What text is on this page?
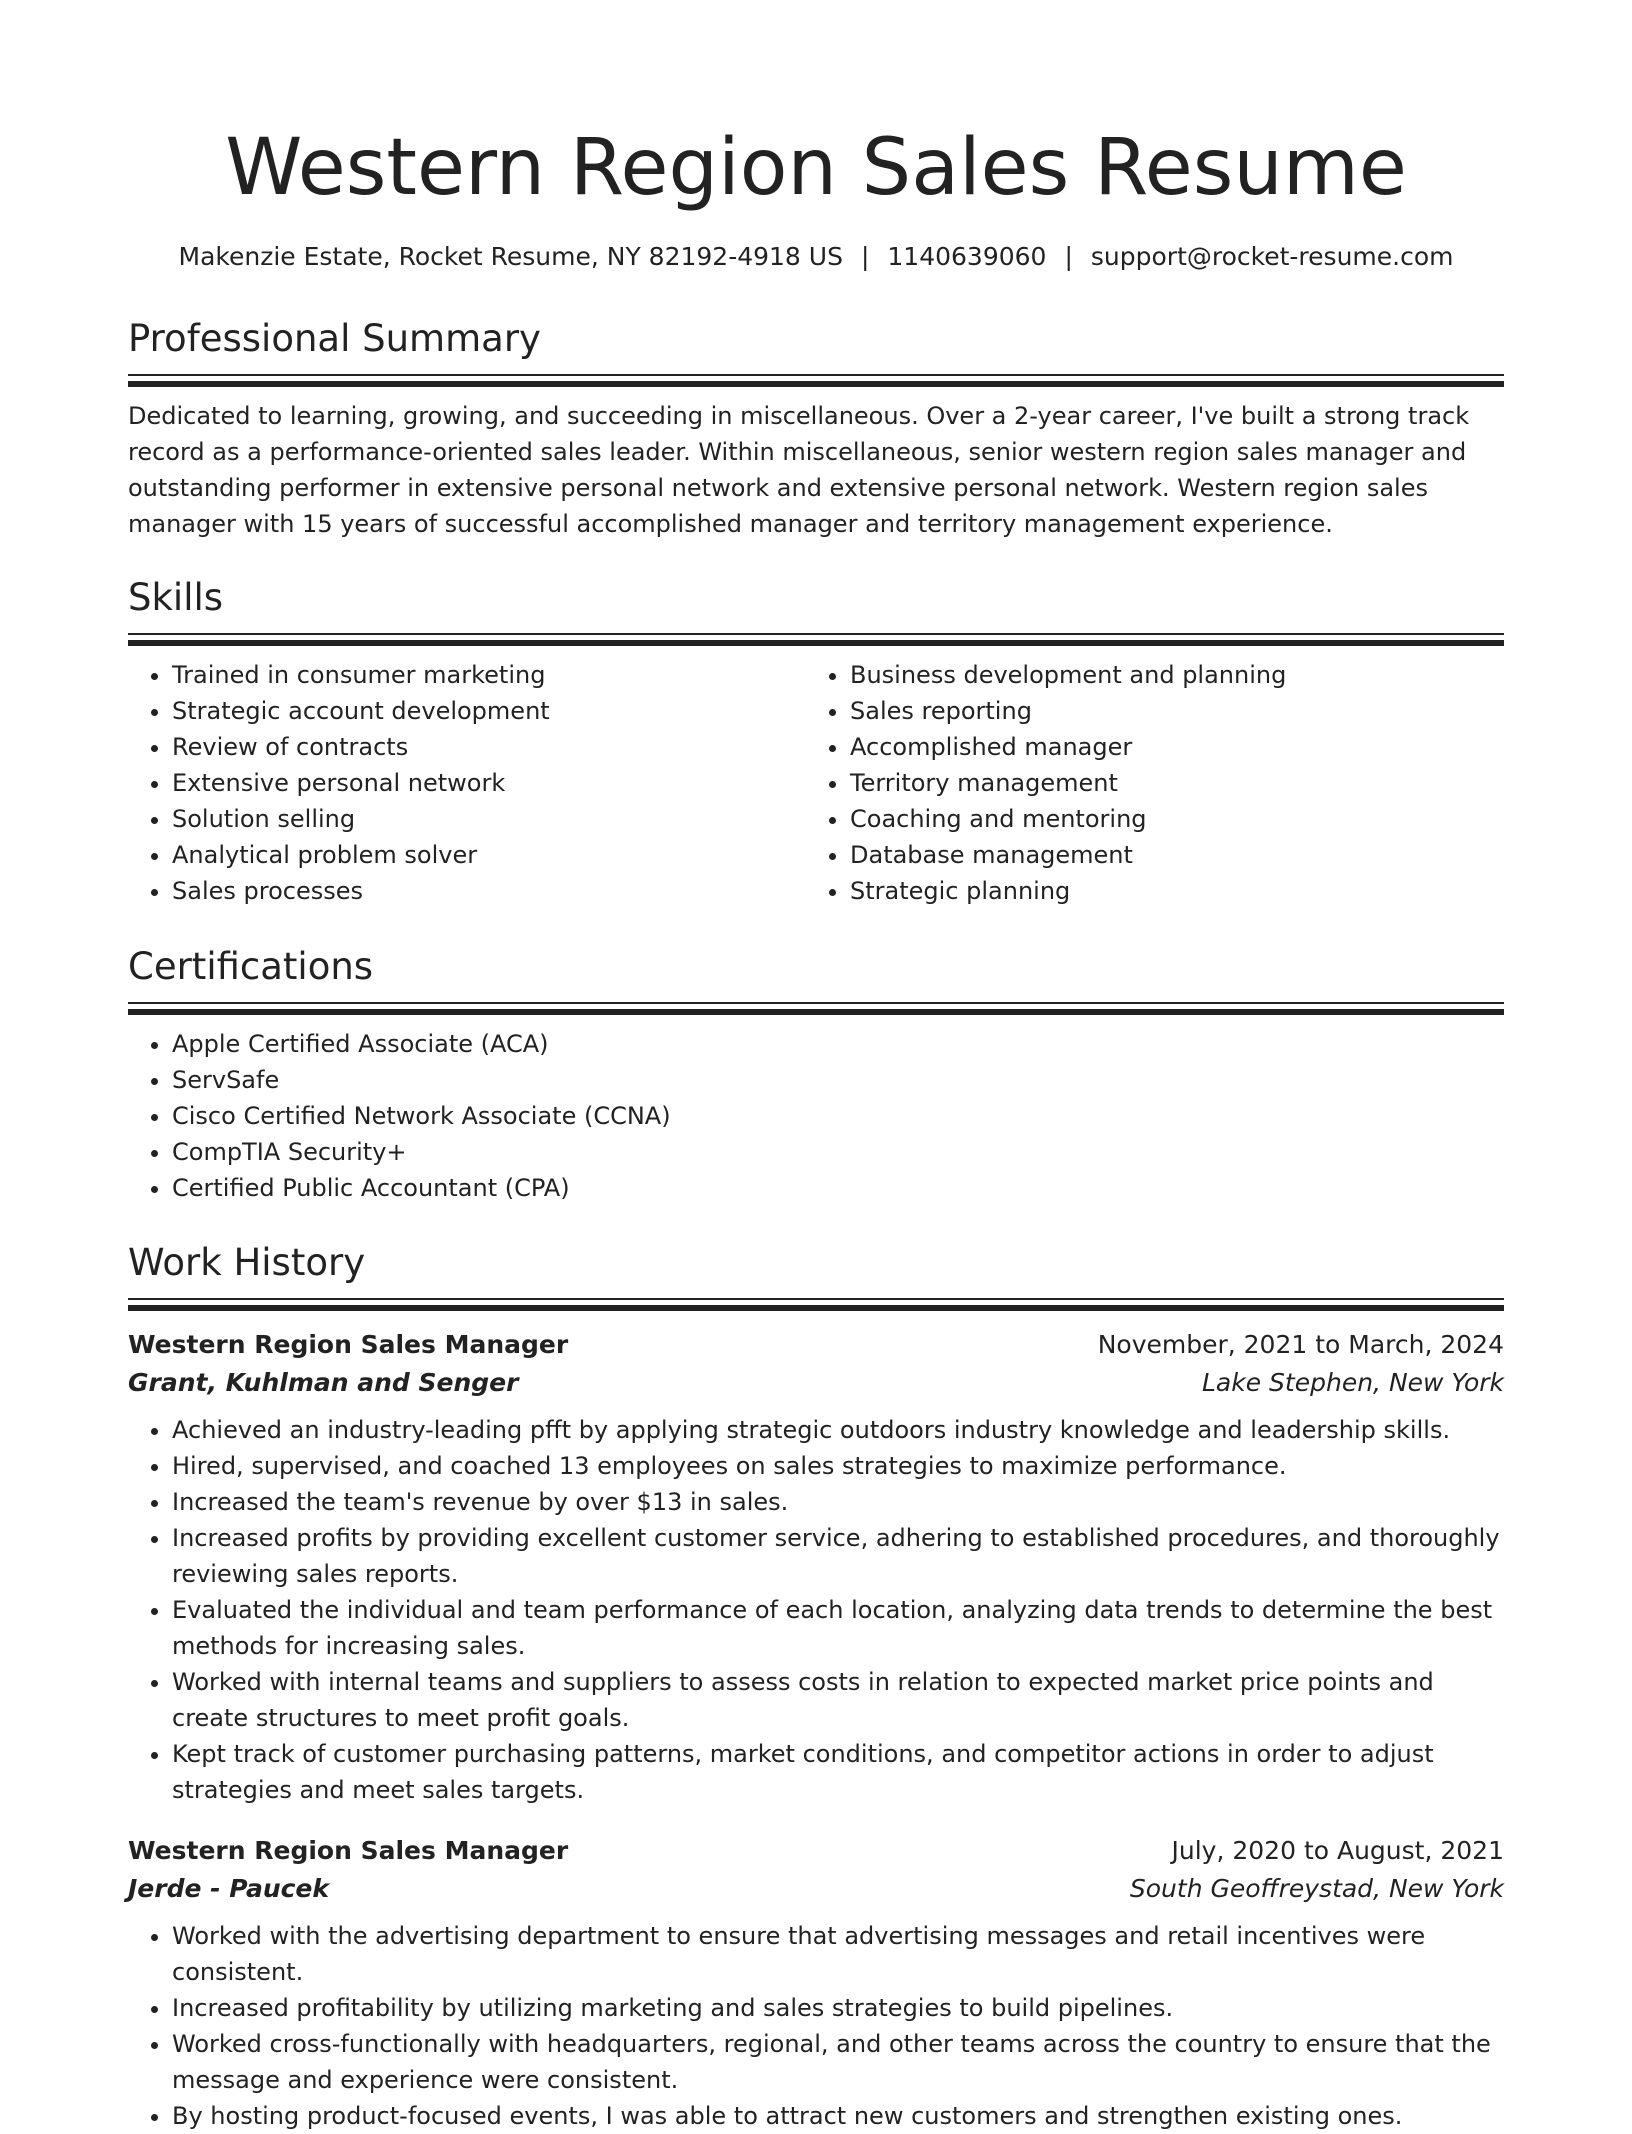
Western Region Sales Resume
Makenzie Estate, Rocket Resume, NY 82192-4918 US | 1140639060 | support@rocket-resume.com
Professional Summary
Dedicated to learning, growing, and succeeding in miscellaneous. Over a 2-year career, I've built a strong track record as a performance-oriented sales leader. Within miscellaneous, senior western region sales manager and outstanding performer in extensive personal network and extensive personal network. Western region sales manager with 15 years of successful accomplished manager and territory management experience.
Skills
• Trained in consumer marketing
• Strategic account development
• Review of contracts
• Extensive personal network
• Solution selling
• Analytical problem solver
• Sales processes
• Business development and planning
• Sales reporting
• Accomplished manager
• Territory management
• Coaching and mentoring
• Database management
• Strategic planning
Certifications
• Apple Certified Associate (ACA)
• ServSafe
• Cisco Certified Network Associate (CCNA)
• CompTIA Security+
• Certified Public Accountant (CPA)
Work History
Western Region Sales Manager	November, 2021 to March, 2024
Grant, Kuhlman and Senger	Lake Stephen, New York
• Achieved an industry-leading pfft by applying strategic outdoors industry knowledge and leadership skills.
• Hired, supervised, and coached 13 employees on sales strategies to maximize performance.
• Increased the team's revenue by over $13 in sales.
• Increased profits by providing excellent customer service, adhering to established procedures, and thoroughly reviewing sales reports.
• Evaluated the individual and team performance of each location, analyzing data trends to determine the best methods for increasing sales.
• Worked with internal teams and suppliers to assess costs in relation to expected market price points and create structures to meet profit goals.
• Kept track of customer purchasing patterns, market conditions, and competitor actions in order to adjust strategies and meet sales targets.
Western Region Sales Manager	July, 2020 to August, 2021
Jerde - Paucek	South Geoffreystad, New York
• Worked with the advertising department to ensure that advertising messages and retail incentives were consistent.
• Increased profitability by utilizing marketing and sales strategies to build pipelines.
• Worked cross-functionally with headquarters, regional, and other teams across the country to ensure that the message and experience were consistent.
• By hosting product-focused events, I was able to attract new customers and strengthen existing ones.
